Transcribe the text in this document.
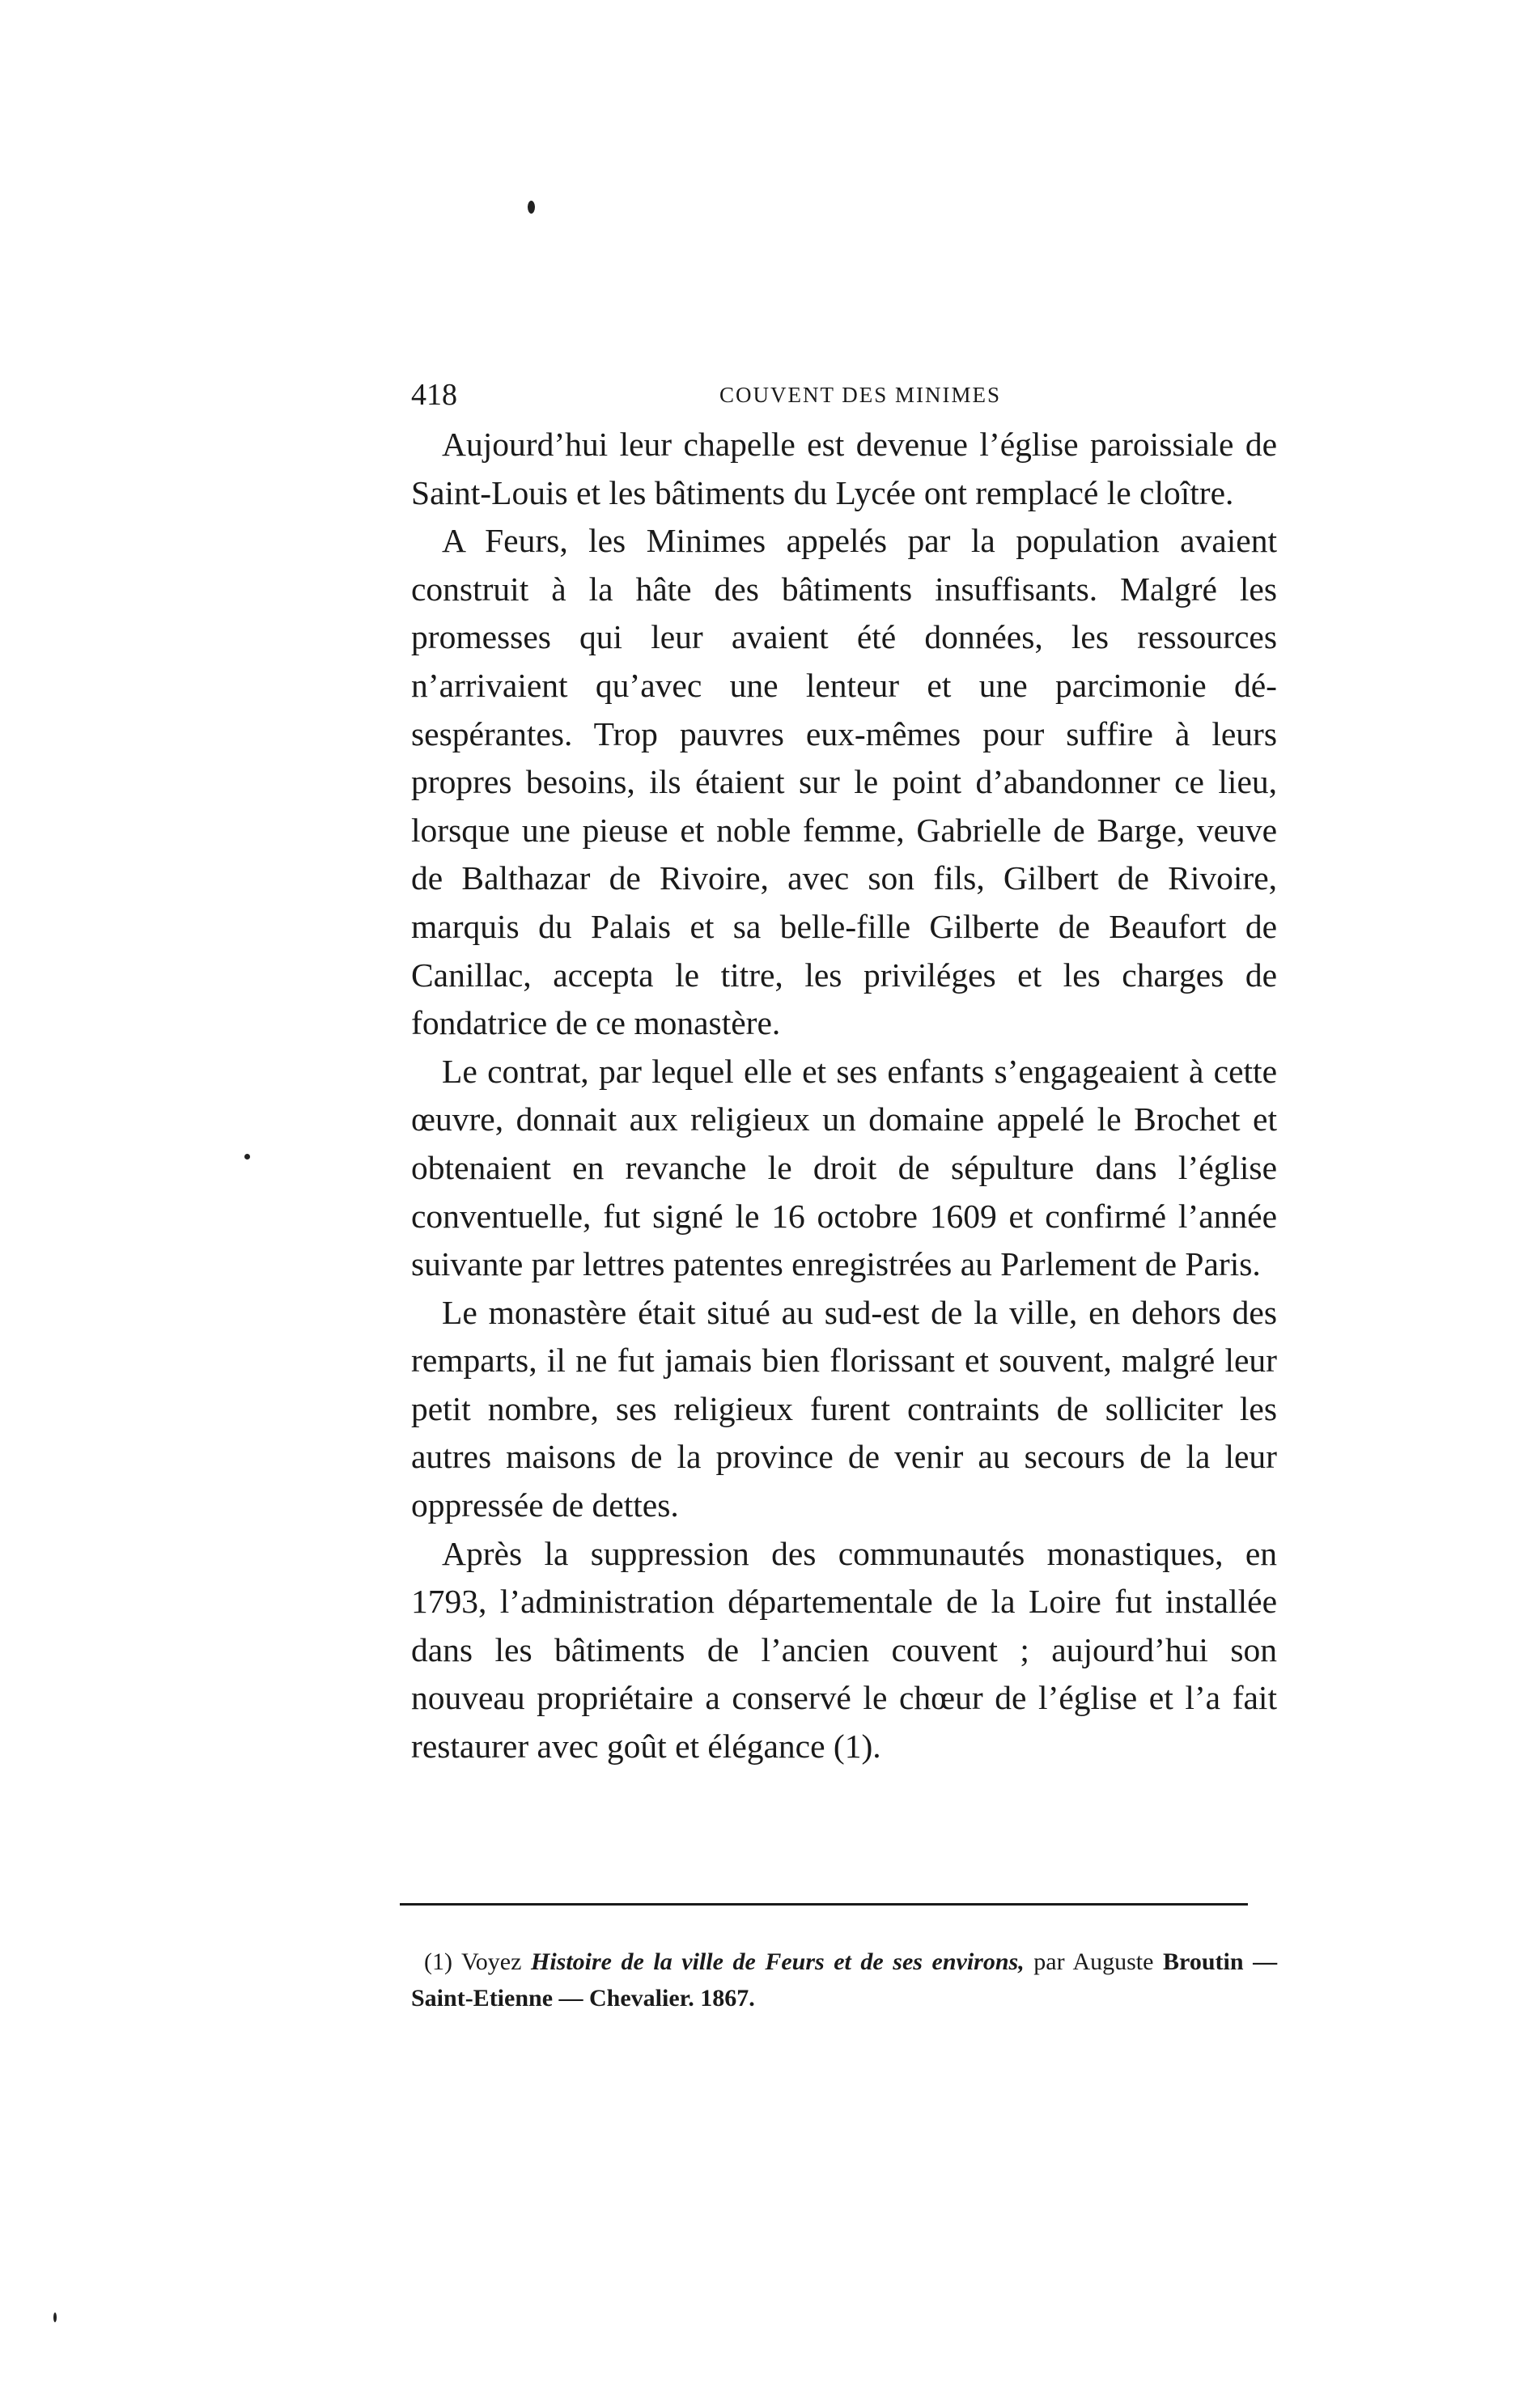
418	COUVENT DES MINIMES

Aujourd’hui leur chapelle est devenue l’église paroissiale de Saint-Louis et les bâtiments du Lycée ont remplacé le cloître.

A Feurs, les Minimes appelés par la population avaient construit à la hâte des bâtiments insuffisants. Malgré les promesses qui leur avaient été données, les ressources n’arrivaient qu’avec une lenteur et une parcimonie désespérantes. Trop pauvres eux-mêmes pour suffire à leurs propres besoins, ils étaient sur le point d’abandonner ce lieu, lorsque une pieuse et noble femme, Gabrielle de Barge, veuve de Balthazar de Rivoire, avec son fils, Gilbert de Rivoire, marquis du Palais et sa belle-fille Gilberte de Beaufort de Canillac, accepta le titre, les priviléges et les charges de fondatrice de ce monastère.

Le contrat, par lequel elle et ses enfants s’engageaient à cette œuvre, donnait aux religieux un domaine appelé le Brochet et obtenaient en revanche le droit de sépulture dans l’église conventuelle, fut signé le 16 octobre 1609 et confirmé l’année suivante par lettres patentes enregistrées au Parlement de Paris.

Le monastère était situé au sud-est de la ville, en dehors des remparts, il ne fut jamais bien florissant et souvent, malgré leur petit nombre, ses religieux furent contraints de solliciter les autres maisons de la province de venir au secours de la leur oppressée de dettes.

Après la suppression des communautés monastiques, en 1793, l’administration départementale de la Loire fut installée dans les bâtiments de l’ancien couvent ; aujourd’hui son nouveau propriétaire a conservé le chœur de l’église et l’a fait restaurer avec goût et élégance (1).

(1) Voyez Histoire de la ville de Feurs et de ses environs, par Auguste Broutin — Saint-Etienne — Chevalier. 1867.
